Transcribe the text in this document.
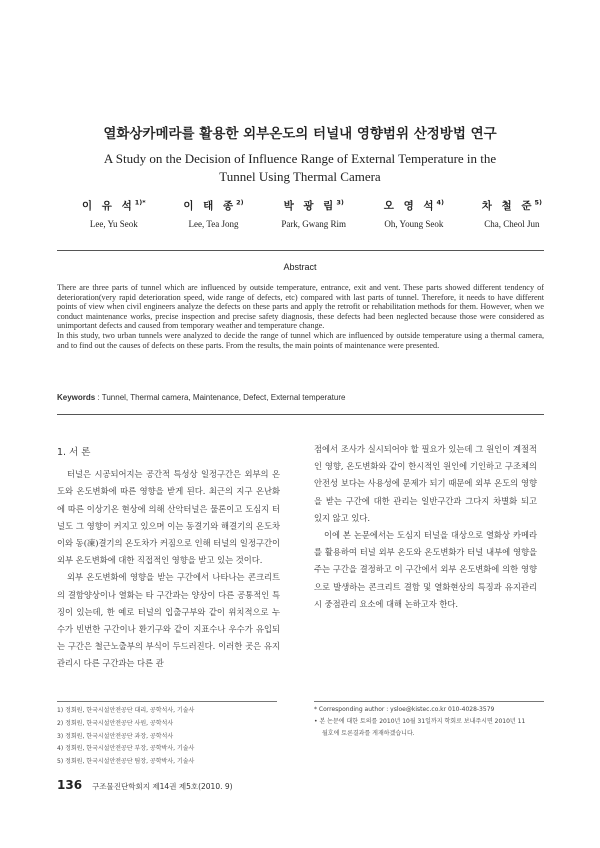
열화상카메라를 활용한 외부온도의 터널내 영향범위 산정방법 연구
A Study on the Decision of Influence Range of External Temperature in the Tunnel Using Thermal Camera
이 유 석$^{1)*}$
Lee, Yu Seok
이 태 종$^{2)}$
Lee, Tea Jong
박 광 림$^{3)}$
Park, Gwang Rim
오 영 석$^{4)}$
Oh, Young Seok
차 철 준$^{5)}$
Cha, Cheol Jun
Abstract

There are three parts of tunnel which are influenced by outside temperature, entrance, exit and vent. These parts showed different tendency of deterioration(very rapid deterioration speed, wide range of defects, etc) compared with last parts of tunnel. Therefore, it needs to have different points of view when civil engineers analyze the defects on these parts and apply the retrofit or rehabilitation methods for them. However, when we conduct maintenance works, precise inspection and precise safety diagnosis, these defects had been neglected because those were considered as unimportant defects and caused from temporary weather and temperature change.

In this study, two urban tunnels were analyzed to decide the range of tunnel which are influenced by outside temperature using a thermal camera, and to find out the causes of defects on these parts. From the results, the main points of maintenance were presented.

Keywords : Tunnel, Thermal camera, Maintenance, Defect, External temperature
1. 서 론

터널은 시공되어지는 공간적 특성상 일정구간은 외부의 온도와 온도변화에 따른 영향을 받게 된다. 최근의 지구 온난화에 따른 이상기온 현상에 의해 산악터널은 물론이고 도심지 터널도 그 영향이 커지고 있으며 이는 동결기와 해결기의 온도차이와 동(凍)결기의 온도차가 커짐으로 인해 터널의 일정구간이 외부 온도변화에 대한 직접적인 영향을 받고 있는 것이다.

외부 온도변화에 영향을 받는 구간에서 나타나는 콘크리트의 결함양상이나 열화는 타 구간과는 양상이 다른 공통적인 특징이 있는데, 한 예로 터널의 입출구부와 같이 위치적으로 누수가 빈번한 구간이나 환기구와 같이 지표수나 우수가 유입되는 구간은 철근노출부의 부식이 두드러진다. 이러한 곳은 유지관리시 다른 구간과는 다른 관

점에서 조사가 실시되어야 할 필요가 있는데 그 원인이 계절적인 영향, 온도변화와 같이 한시적인 원인에 기인하고 구조체의 안전성 보다는 사용성에 문제가 되기 때문에 외부 온도의 영향을 받는 구간에 대한 관리는 일반구간과 그다지 차별화 되고 있지 않고 있다.

이에 본 논문에서는 도심지 터널을 대상으로 열화상 카메라를 활용하여 터널 외부 온도와 온도변화가 터널 내부에 영향을 주는 구간을 결정하고 이 구간에서 외부 온도변화에 의한 영향으로 발생하는 콘크리트 결함 및 열화현상의 특징과 유지관리시 중점관리 요소에 대해 논하고자 한다.

1) 정회원, 한국시설안전공단 대리, 공학석사, 기술사
2) 정회원, 한국시설안전공단 사원, 공학석사
3) 정회원, 한국시설안전공단 과장, 공학석사
4) 정회원, 한국시설안전공단 부장, 공학박사, 기술사
5) 정회원, 한국시설안전공단 팀장, 공학박사, 기술사
* Corresponding author : ysloe@kistec.co.kr 010-4028-3579
• 본 논문에 대한 토의를 2010년 10월 31일까지 학회로 보내주시면 2010년 11
월호에 토론결과를 게재하겠습니다.
136 구조물진단학회지 제14권 제5호(2010. 9)
